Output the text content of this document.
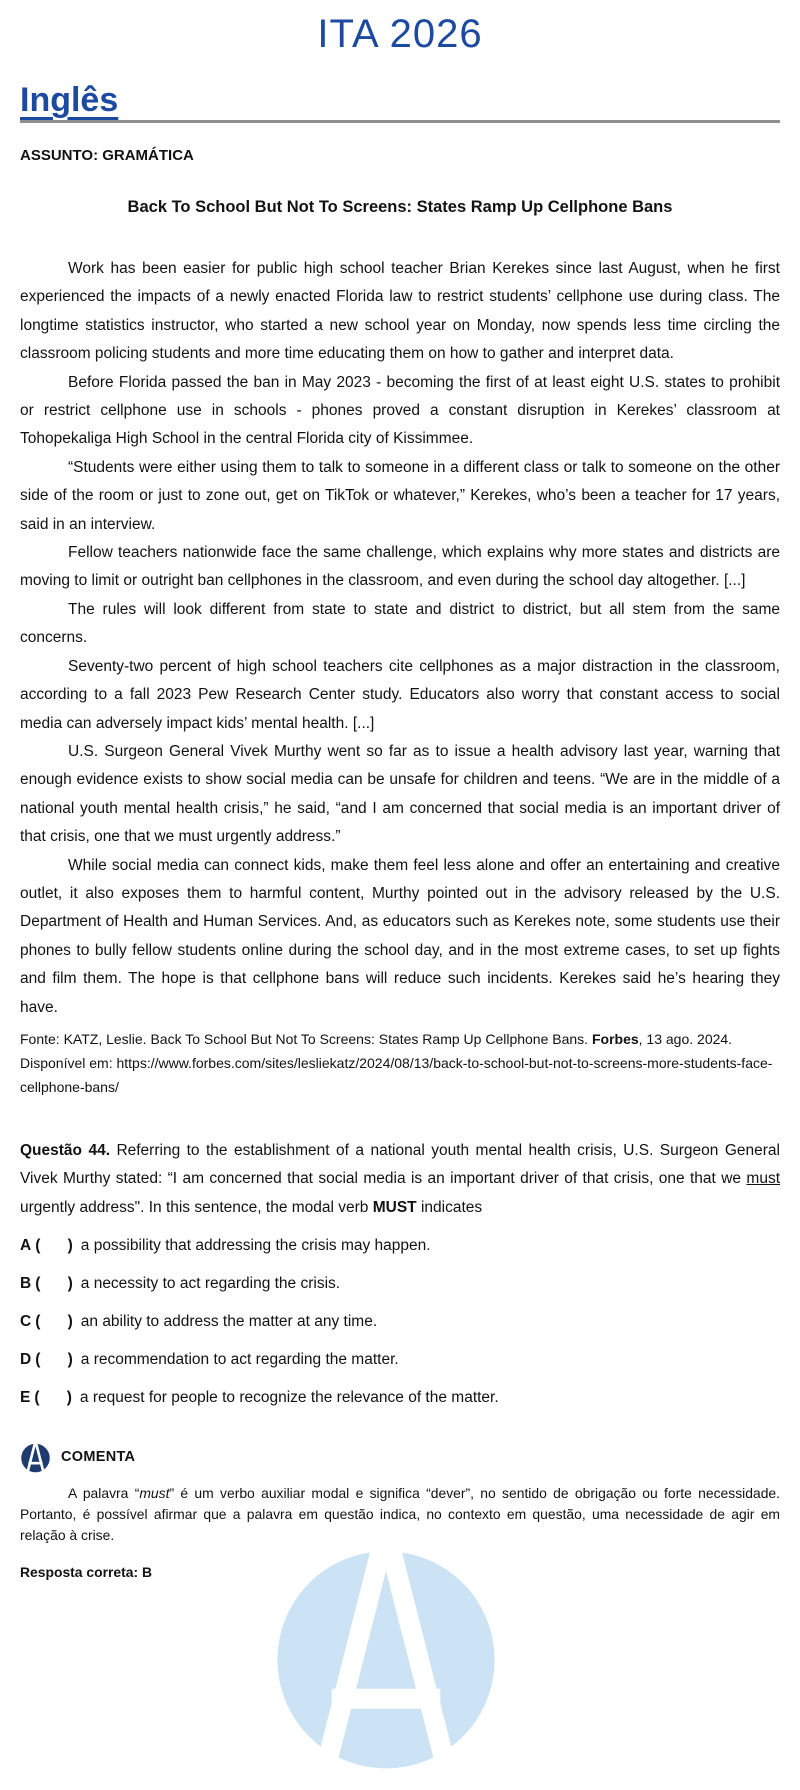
ITA 2026
Inglês
ASSUNTO: GRAMÁTICA
Back To School But Not To Screens: States Ramp Up Cellphone Bans

Work has been easier for public high school teacher Brian Kerekes since last August, when he first experienced the impacts of a newly enacted Florida law to restrict students’ cellphone use during class. The longtime statistics instructor, who started a new school year on Monday, now spends less time circling the classroom policing students and more time educating them on how to gather and interpret data.

Before Florida passed the ban in May 2023 - becoming the first of at least eight U.S. states to prohibit or restrict cellphone use in schools - phones proved a constant disruption in Kerekes’ classroom at Tohopekaliga High School in the central Florida city of Kissimmee.

“Students were either using them to talk to someone in a different class or talk to someone on the other side of the room or just to zone out, get on TikTok or whatever,” Kerekes, who’s been a teacher for 17 years, said in an interview.

Fellow teachers nationwide face the same challenge, which explains why more states and districts are moving to limit or outright ban cellphones in the classroom, and even during the school day altogether. [...]

The rules will look different from state to state and district to district, but all stem from the same concerns.

Seventy-two percent of high school teachers cite cellphones as a major distraction in the classroom, according to a fall 2023 Pew Research Center study. Educators also worry that constant access to social media can adversely impact kids’ mental health. [...]

U.S. Surgeon General Vivek Murthy went so far as to issue a health advisory last year, warning that enough evidence exists to show social media can be unsafe for children and teens. “We are in the middle of a national youth mental health crisis,” he said, “and I am concerned that social media is an important driver of that crisis, one that we must urgently address.”

While social media can connect kids, make them feel less alone and offer an entertaining and creative outlet, it also exposes them to harmful content, Murthy pointed out in the advisory released by the U.S. Department of Health and Human Services. And, as educators such as Kerekes note, some students use their phones to bully fellow students online during the school day, and in the most extreme cases, to set up fights and film them. The hope is that cellphone bans will reduce such incidents. Kerekes said he’s hearing they have.

Fonte: KATZ, Leslie. Back To School But Not To Screens: States Ramp Up Cellphone Bans. Forbes, 13 ago. 2024. Disponível em: https://www.forbes.com/sites/lesliekatz/2024/08/13/back-to-school-but-not-to-screens-more-students-face-cellphone-bans/
Questão 44. Referring to the establishment of a national youth mental health crisis, U.S. Surgeon General Vivek Murthy stated: “I am concerned that social media is an important driver of that crisis, one that we must urgently address". In this sentence, the modal verb MUST indicates
A (    ) a possibility that addressing the crisis may happen.
B (    ) a necessity to act regarding the crisis.
C (    ) an ability to address the matter at any time.
D (    ) a recommendation to act regarding the matter.
E (    ) a request for people to recognize the relevance of the matter.
COMENTA

A palavra “must” é um verbo auxiliar modal e significa “dever”, no sentido de obrigação ou forte necessidade. Portanto, é possível afirmar que a palavra em questão indica, no contexto em questão, uma necessidade de agir em relação à crise.

Resposta correta: B
